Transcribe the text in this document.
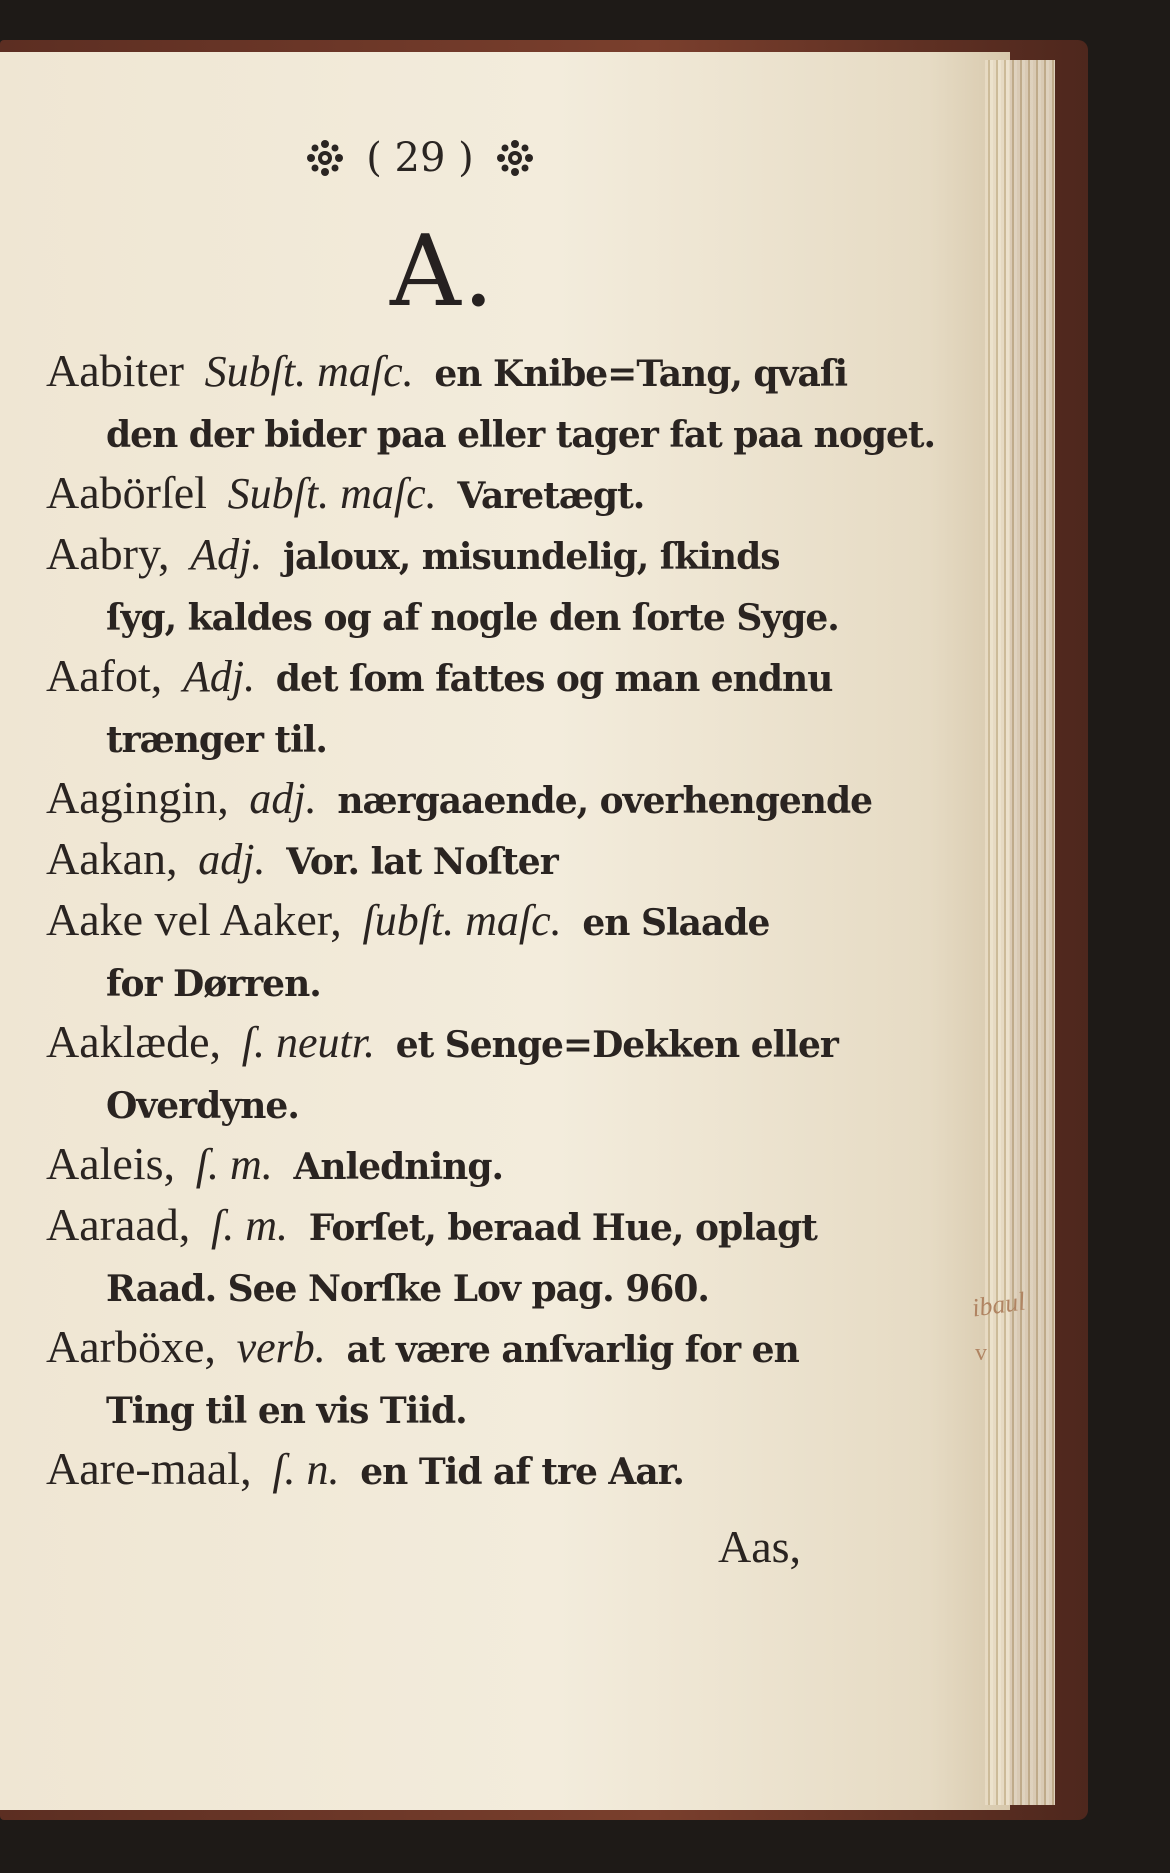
( 29 )
A.
Aabiter Subſt. maſc. en Knibe=Tang, qvaſi
den der bider paa eller tager fat paa noget.
Aabörſel Subſt. maſc. Varetægt.
Aabry, Adj. jaloux, misundelig, ſkinds
ſyg, kaldes og af nogle den ſorte Syge.
Aafot, Adj. det ſom fattes og man endnu
trænger til.
Aagingin, adj. nærgaaende, overhengende
Aakan, adj. Vor. lat Noſter
Aake vel Aaker, ſubſt. maſc. en Slaade
for Dørren.
Aaklæde, ſ. neutr. et Senge=Dekken eller
Overdyne.
Aaleis, ſ. m. Anledning.
Aaraad, ſ. m. Forſet, beraad Hue, oplagt
Raad. See Norſke Lov pag. 960.
Aarböxe, verb. at være anſvarlig for en
Ting til en vis Tiid.
Aare-maal, ſ. n. en Tid af tre Aar.
Aas,
ibaul
v
